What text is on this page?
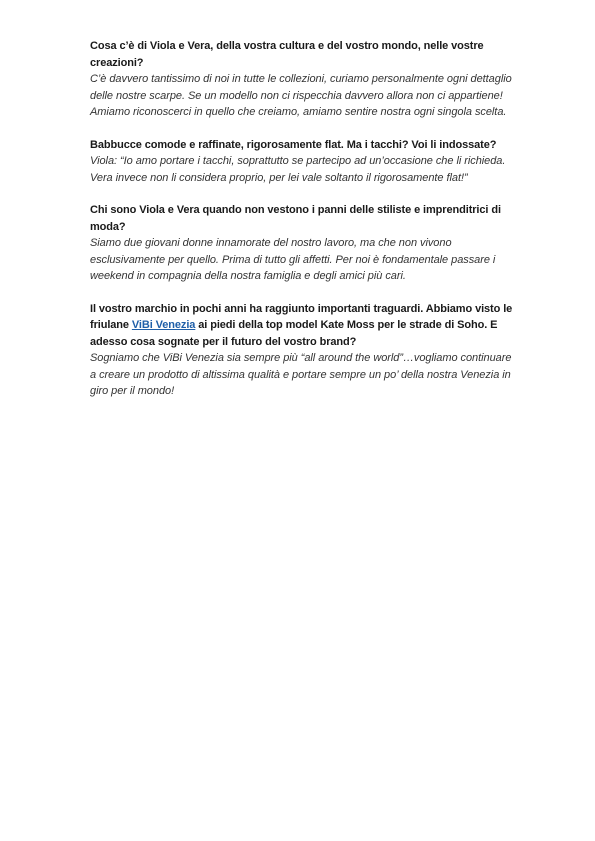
Cosa c’è di Viola e Vera, della vostra cultura e del vostro mondo, nelle vostre creazioni?

C’è davvero tantissimo di noi in tutte le collezioni, curiamo personalmente ogni dettaglio delle nostre scarpe. Se un modello non ci rispecchia davvero allora non ci appartiene! Amiamo riconoscerci in quello che creiamo, amiamo sentire nostra ogni singola scelta.

Babbucce comode e raffinate, rigorosamente flat. Ma i tacchi? Voi li indossate?

Viola: “Io amo portare i tacchi, soprattutto se partecipo ad un’occasione che li richieda. Vera invece non li considera proprio, per lei vale soltanto il rigorosamente flat!”

Chi sono Viola e Vera quando non vestono i panni delle stiliste e imprenditrici di moda?

Siamo due giovani donne innamorate del nostro lavoro, ma che non vivono esclusivamente per quello. Prima di tutto gli affetti. Per noi è fondamentale passare i weekend in compagnia della nostra famiglia e degli amici più cari.

Il vostro marchio in pochi anni ha raggiunto importanti traguardi. Abbiamo visto le friulane ViBi Venezia ai piedi della top model Kate Moss per le strade di Soho. E adesso cosa sognate per il futuro del vostro brand?

Sogniamo che ViBi Venezia sia sempre più “all around the world”…vogliamo continuare a creare un prodotto di altissima qualità e portare sempre un po’ della nostra Venezia in giro per il mondo!
